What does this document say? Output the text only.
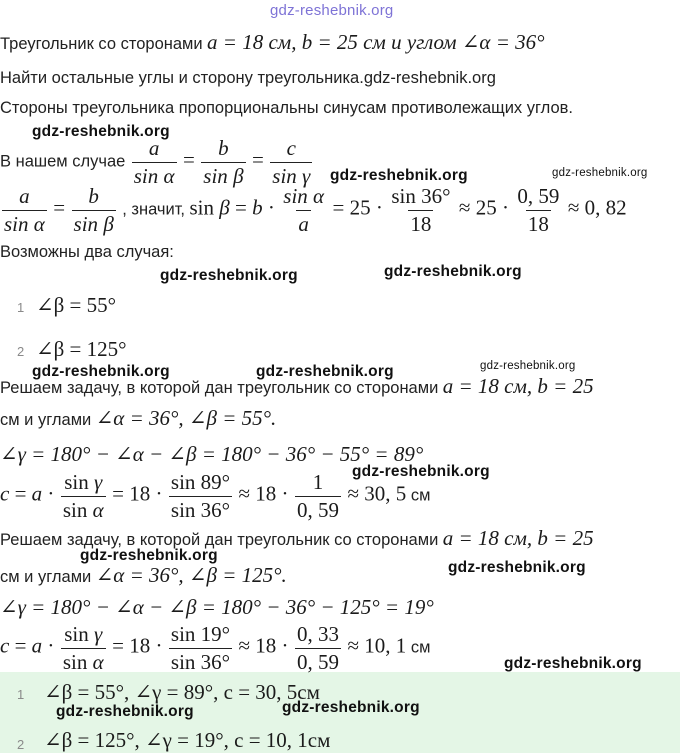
gdz-reshebnik.org
Треугольник со сторонами a = 18 см, b = 25 см и углом ∠α = 36°
Найти остальные углы и сторону треугольника.gdz-reshebnik.org
Стороны треугольника пропорциональны синусам противолежащих углов.
gdz-reshebnik.org
В нашем случае $\frac{a}{\text{sin α}} = \frac{b}{\text{sin β}} = \frac{c}{\text{sin γ}}$ gdz-reshebnik.org	gdz-reshebnik.org
$\frac{a}{\text{sin α}} = \frac{b}{\text{sin β}}$ , значит, $\sin \beta = b \cdot \frac{\text{sin α}}{a} = 25 \cdot \frac{\sin 36^\circ}{18} \approx 25 \cdot \frac{0, 59}{18} \approx 0$, 82
Возможны два случая:
gdz-reshebnik.org	gdz-reshebnik.org
1 ∠β = 55°
2 ∠β = 125°
gdz-reshebnik.org	gdz-reshebnik.org	gdz-reshebnik.org
Решаем задачу, в которой дан треугольник со сторонами a = 18 см, b = 25
см и углами ∠α = 36°, ∠β = 55°.
∠γ = 180° − ∠α − ∠β = 180° − 36° − 55° = 89°
gdz-reshebnik.org
$c = a \cdot \frac{\text{sin γ}}{\text{sin α}} = 18 \cdot \frac{\sin 89^\circ}{\sin 36^\circ} \approx 18 \cdot \frac{1}{0, 59} \approx 30$, 5 см
Решаем задачу, в которой дан треугольник со сторонами a = 18 см, b = 25
gdz-reshebnik.org
см и углами ∠α = 36°, ∠β = 125°.	gdz-reshebnik.org
∠γ = 180° − ∠α − ∠β = 180° − 36° − 125° = 19°
$c = a \cdot \frac{\text{sin γ}}{\text{sin α}} = 18 \cdot \frac{\sin 19^\circ}{\sin 36^\circ} \approx 18 \cdot \frac{0, 33}{0, 59} \approx 10$, 1 см
gdz-reshebnik.org
1 ∠β = 55°, ∠γ = 89°, c = 30, 5см
gdz-reshebnik.org	gdz-reshebnik.org
2 ∠β = 125°, ∠γ = 19°, c = 10, 1см
